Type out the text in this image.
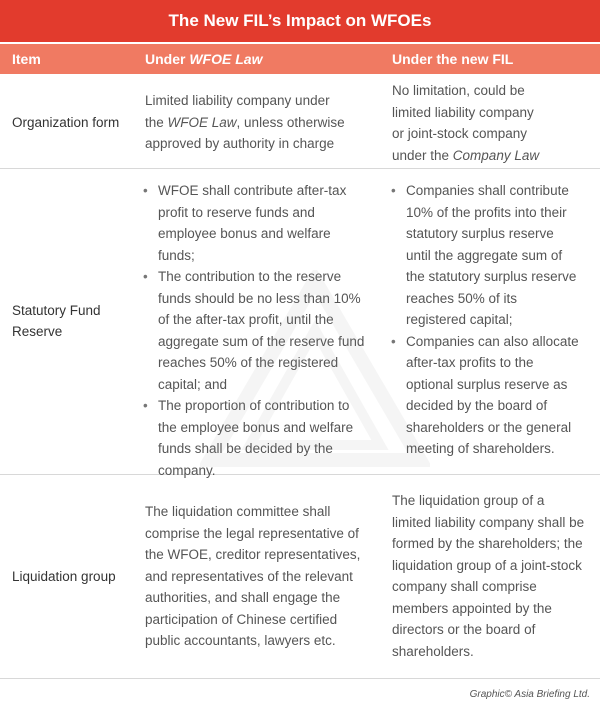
The New FIL’s Impact on WFOEs
Item	Under WFOE Law	Under the new FIL
Organization form
Limited liability company under
the WFOE Law, unless otherwise
approved by authority in charge
No limitation, could be
limited liability company
or joint-stock company
under the Company Law
Statutory Fund
Reserve
• WFOE shall contribute after-tax profit to reserve funds and employee bonus and welfare funds;
• The contribution to the reserve funds should be no less than 10% of the after-tax profit, until the aggregate sum of the reserve fund reaches 50% of the registered capital; and
• The proportion of contribution to the employee bonus and welfare funds shall be decided by the company.
• Companies shall contribute 10% of the profits into their statutory surplus reserve until the aggregate sum of the statutory surplus reserve reaches 50% of its registered capital;
• Companies can also allocate after-tax profits to the optional surplus reserve as decided by the board of shareholders or the general meeting of shareholders.
Liquidation group
The liquidation committee shall comprise the legal representative of the WFOE, creditor representatives, and representatives of the relevant authorities, and shall engage the participation of Chinese certified public accountants, lawyers etc.
The liquidation group of a limited liability company shall be formed by the shareholders; the liquidation group of a joint-stock company shall comprise members appointed by the directors or the board of shareholders.
Graphic© Asia Briefing Ltd.
